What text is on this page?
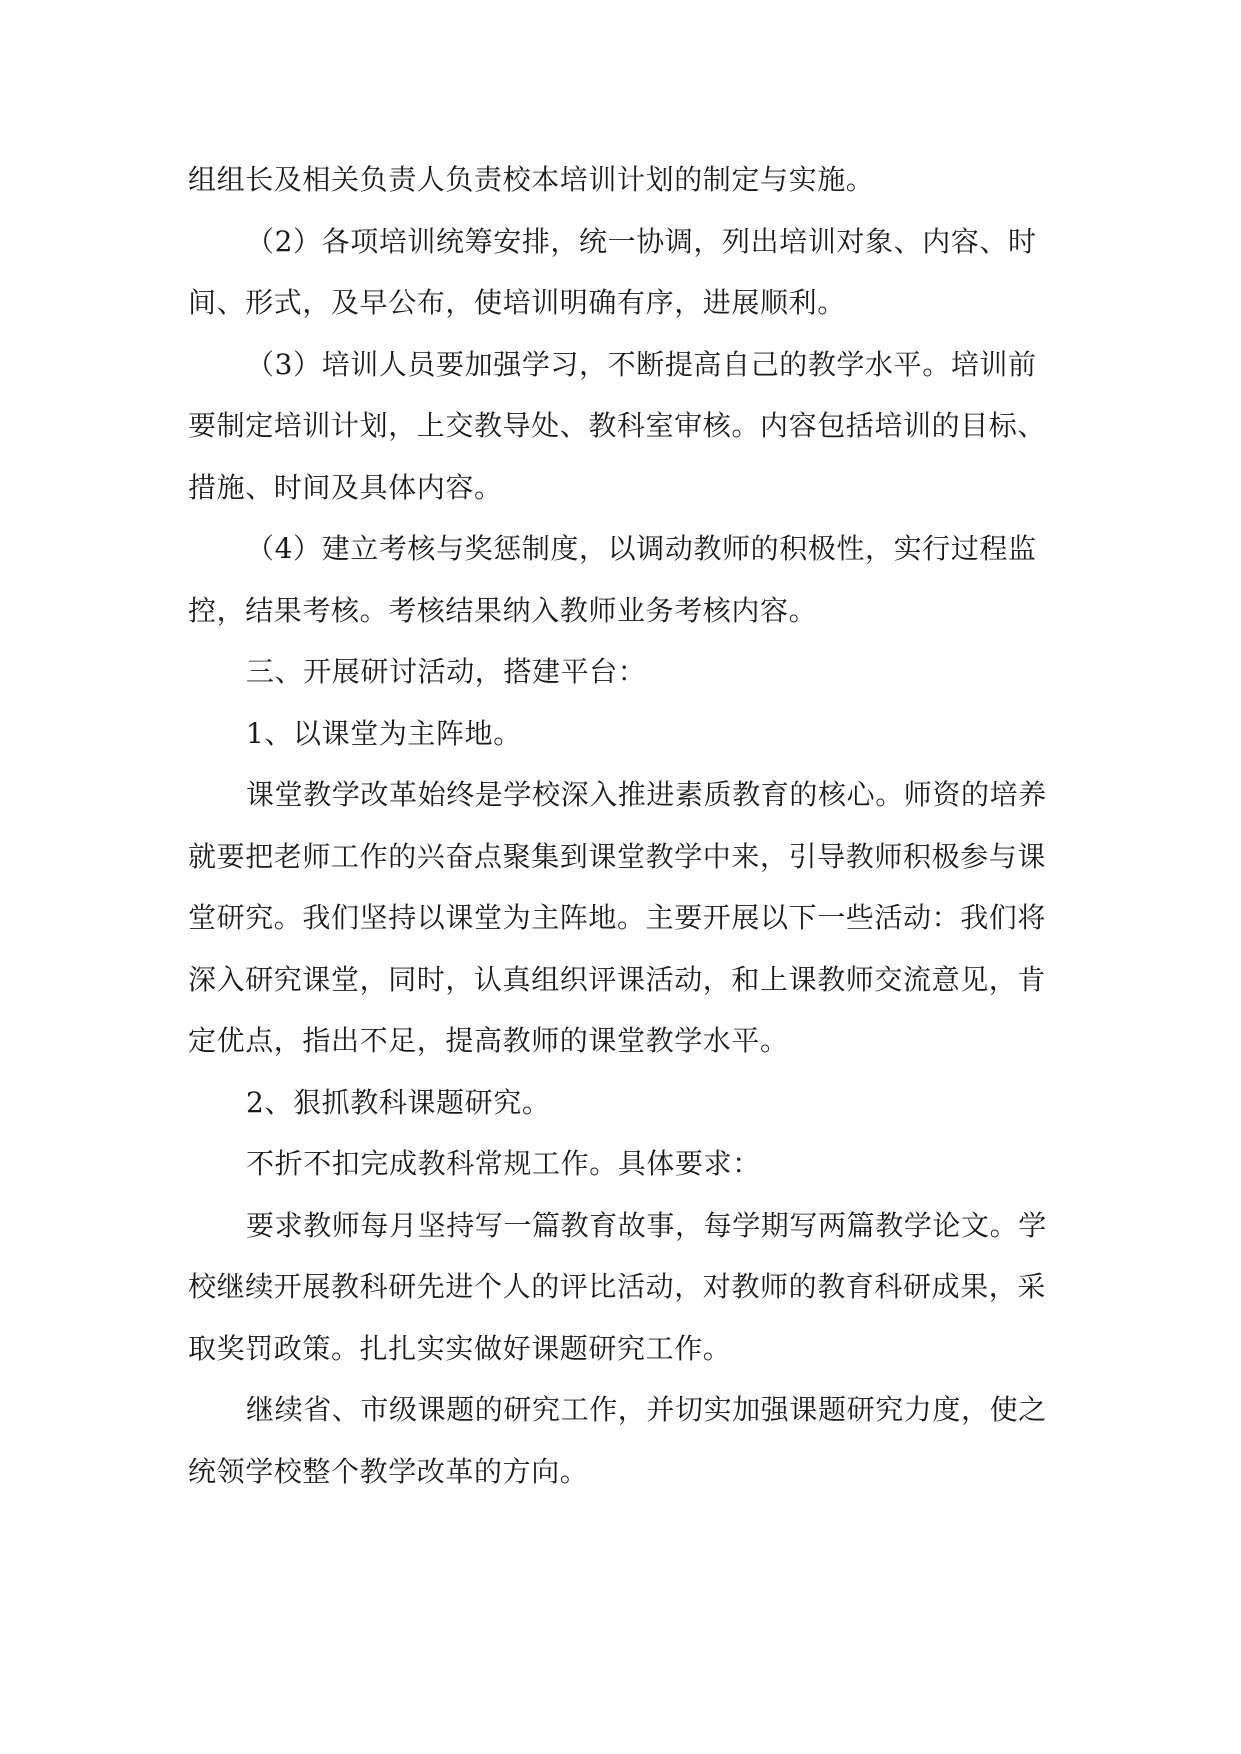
组组长及相关负责人负责校本培训计划的制定与实施。
（2）各项培训统筹安排，统一协调，列出培训对象、内容、时
间、形式，及早公布，使培训明确有序，进展顺利。
（3）培训人员要加强学习，不断提高自己的教学水平。培训前
要制定培训计划，上交教导处、教科室审核。内容包括培训的目标、
措施、时间及具体内容。
（4）建立考核与奖惩制度，以调动教师的积极性，实行过程监
控，结果考核。考核结果纳入教师业务考核内容。
三、开展研讨活动，搭建平台：
1、以课堂为主阵地。
课堂教学改革始终是学校深入推进素质教育的核心。师资的培养
就要把老师工作的兴奋点聚集到课堂教学中来，引导教师积极参与课
堂研究。我们坚持以课堂为主阵地。主要开展以下一些活动：我们将
深入研究课堂，同时，认真组织评课活动，和上课教师交流意见，肯
定优点，指出不足，提高教师的课堂教学水平。
2、狠抓教科课题研究。
不折不扣完成教科常规工作。具体要求：
要求教师每月坚持写一篇教育故事，每学期写两篇教学论文。学
校继续开展教科研先进个人的评比活动，对教师的教育科研成果，采
取奖罚政策。扎扎实实做好课题研究工作。
继续省、市级课题的研究工作，并切实加强课题研究力度，使之
统领学校整个教学改革的方向。
